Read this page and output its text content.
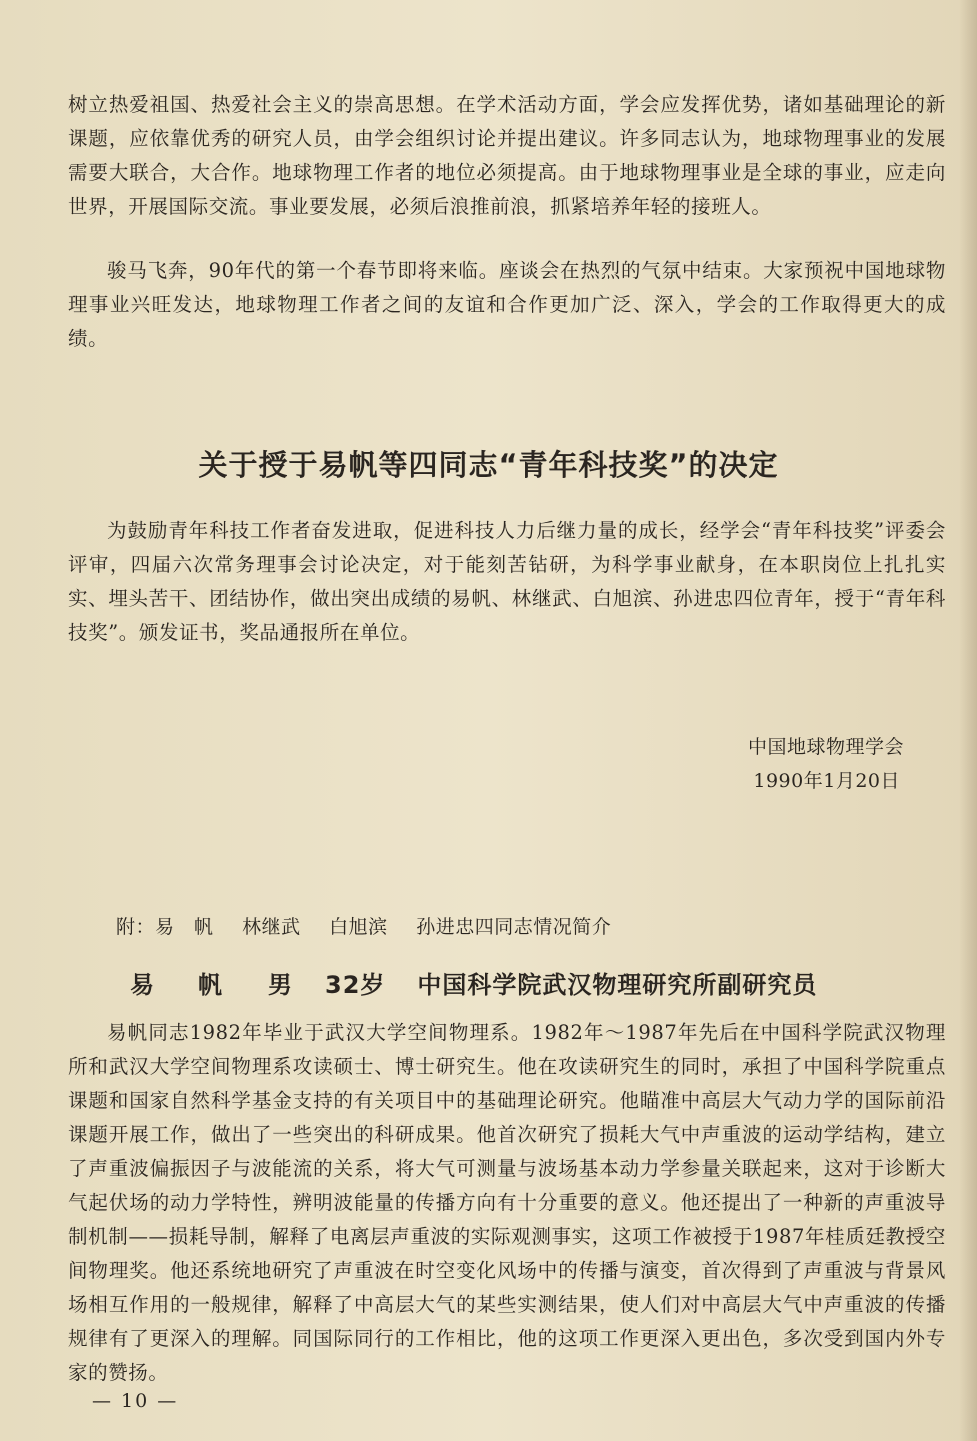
树立热爱祖国、热爱社会主义的崇高思想。在学术活动方面，学会应发挥优势，诸如基础理论的新课题，应依靠优秀的研究人员，由学会组织讨论并提出建议。许多同志认为，地球物理事业的发展需要大联合，大合作。地球物理工作者的地位必须提高。由于地球物理事业是全球的事业，应走向世界，开展国际交流。事业要发展，必须后浪推前浪，抓紧培养年轻的接班人。

骏马飞奔，90年代的第一个春节即将来临。座谈会在热烈的气氛中结束。大家预祝中国地球物理事业兴旺发达，地球物理工作者之间的友谊和合作更加广泛、深入，学会的工作取得更大的成绩。

关于授于易帆等四同志“青年科技奖”的决定

为鼓励青年科技工作者奋发进取，促进科技人力后继力量的成长，经学会“青年科技奖”评委会评审，四届六次常务理事会讨论决定，对于能刻苦钻研，为科学事业献身，在本职岗位上扎扎实实、埋头苦干、团结协作，做出突出成绩的易帆、林继武、白旭滨、孙进忠四位青年，授于“青年科技奖”。颁发证书，奖品通报所在单位。

中国地球物理学会
1990年1月20日
附：易　帆 林继武 白旭滨 孙进忠四同志情况简介
易　帆 男 32岁 中国科学院武汉物理研究所副研究员

易帆同志1982年毕业于武汉大学空间物理系。1982年～1987年先后在中国科学院武汉物理所和武汉大学空间物理系攻读硕士、博士研究生。他在攻读研究生的同时，承担了中国科学院重点课题和国家自然科学基金支持的有关项目中的基础理论研究。他瞄准中高层大气动力学的国际前沿课题开展工作，做出了一些突出的科研成果。他首次研究了损耗大气中声重波的运动学结构，建立了声重波偏振因子与波能流的关系，将大气可测量与波场基本动力学参量关联起来，这对于诊断大气起伏场的动力学特性，辨明波能量的传播方向有十分重要的意义。他还提出了一种新的声重波导制机制——损耗导制，解释了电离层声重波的实际观测事实，这项工作被授于1987年桂质廷教授空间物理奖。他还系统地研究了声重波在时空变化风场中的传播与演变，首次得到了声重波与背景风场相互作用的一般规律，解释了中高层大气的某些实测结果，使人们对中高层大气中声重波的传播规律有了更深入的理解。同国际同行的工作相比，他的这项工作更深入更出色，多次受到国内外专家的赞扬。

— 10 —
